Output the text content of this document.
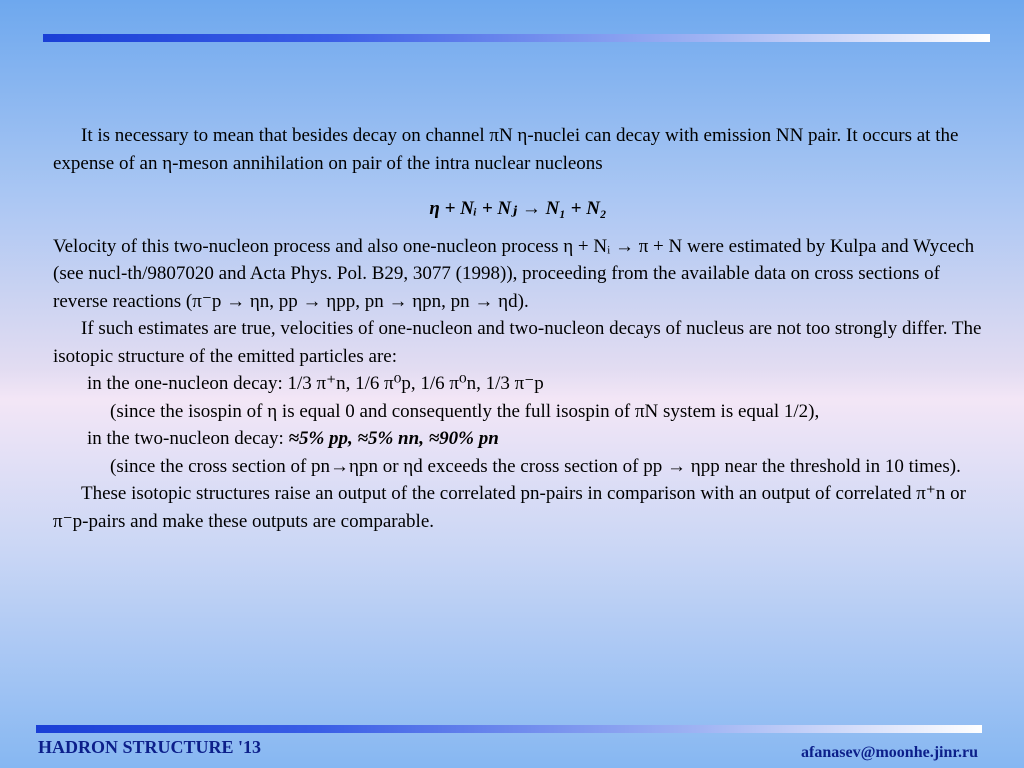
It is necessary to mean that besides decay on channel πN η-nuclei can decay with emission NN pair. It occurs at the expense of an η-meson annihilation on pair of the intra nuclear nucleons

η + Nᵢ + Nⱼ → N₁ + N₂

Velocity of this two-nucleon process and also one-nucleon process η + Nᵢ → π + N were estimated by Kulpa and Wycech (see nucl-th/9807020 and Acta Phys. Pol. B29, 3077 (1998)), proceeding from the available data on cross sections of reverse reactions (π⁻p → ηn, pp → ηpp, pn → ηpn, pn → ηd).

If such estimates are true, velocities of one-nucleon and two-nucleon decays of nucleus are not too strongly differ. The isotopic structure of the emitted particles are:

in the one-nucleon decay: 1/3 π⁺n, 1/6 π⁰p, 1/6 π⁰n, 1/3 π⁻p

(since the isospin of η is equal 0 and consequently the full isospin of πN system is equal 1/2),

in the two-nucleon decay: ≈5% pp, ≈5% nn, ≈90% pn

(since the cross section of pn→ηpn or ηd exceeds the cross section of pp → ηpp near the threshold in 10 times).

These isotopic structures raise an output of the correlated pn-pairs in comparison with an output of correlated π⁺n or π⁻p-pairs and make these outputs are comparable.

HADRON STRUCTURE '13	afanasev@moonhe.jinr.ru
